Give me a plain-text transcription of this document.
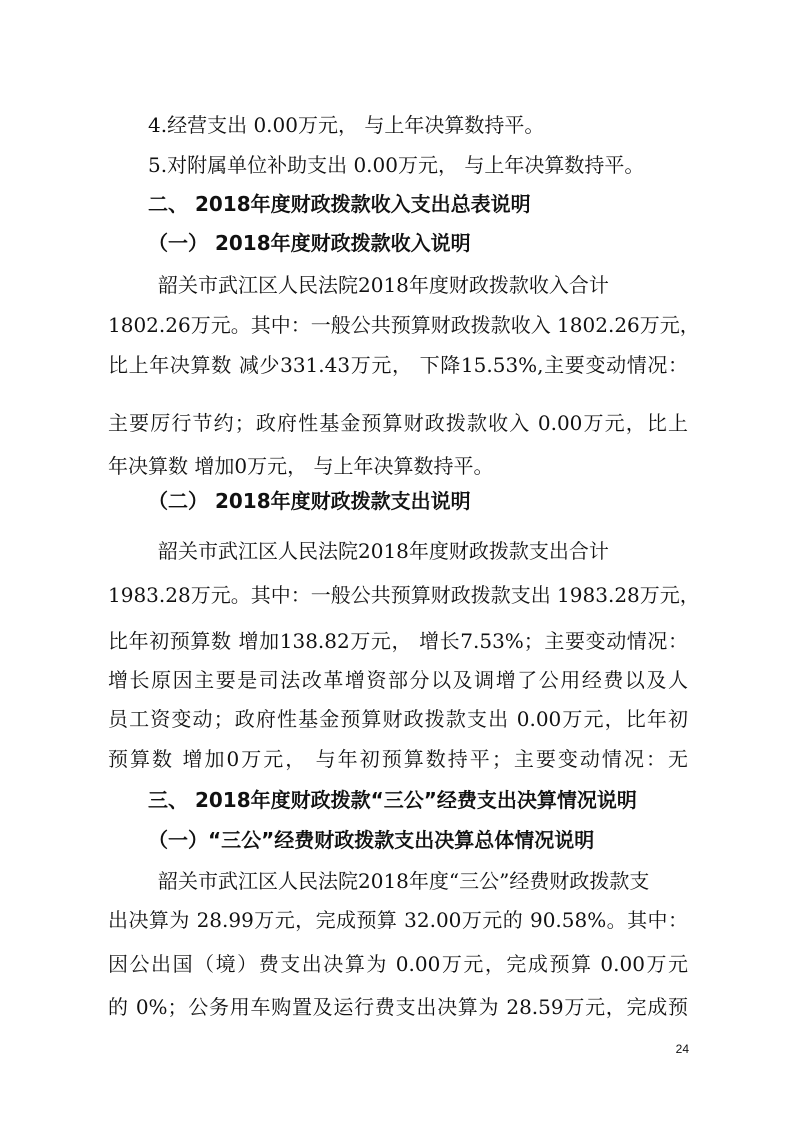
4.经营支出 0.00万元， 与上年决算数持平。
5.对附属单位补助支出 0.00万元， 与上年决算数持平。
二、 2018年度财政拨款收入支出总表说明
（一） 2018年度财政拨款收入说明
韶关市武江区人民法院2018年度财政拨款收入合计
1802.26万元。其中：一般公共预算财政拨款收入 1802.26万元，
比上年决算数 减少331.43万元， 下降15.53%,主要变动情况：
主要厉行节约；政府性基金预算财政拨款收入 0.00万元，比上
年决算数 增加0万元， 与上年决算数持平。
（二） 2018年度财政拨款支出说明
韶关市武江区人民法院2018年度财政拨款支出合计
1983.28万元。其中：一般公共预算财政拨款支出 1983.28万元，
比年初预算数 增加138.82万元， 增长7.53%；主要变动情况：
增长原因主要是司法改革增资部分以及调增了公用经费以及人
员工资变动；政府性基金预算财政拨款支出 0.00万元，比年初
预算数 增加0万元， 与年初预算数持平；主要变动情况：无
三、 2018年度财政拨款“三公”经费支出决算情况说明
（一）“三公”经费财政拨款支出决算总体情况说明
韶关市武江区人民法院2018年度“三公”经费财政拨款支
出决算为 28.99万元，完成预算 32.00万元的 90.58%。其中：
因公出国（境）费支出决算为 0.00万元，完成预算 0.00万元
的 0%；公务用车购置及运行费支出决算为 28.59万元，完成预
24
